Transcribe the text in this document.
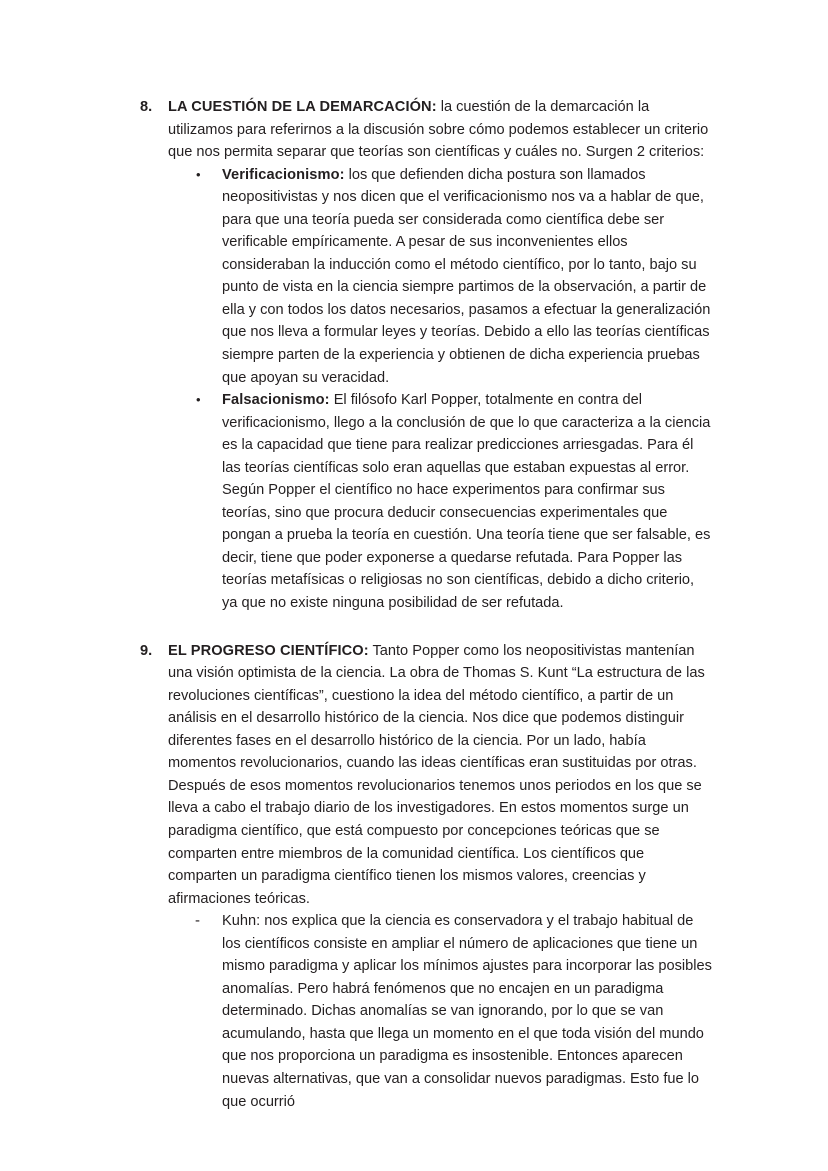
8. LA CUESTIÓN DE LA DEMARCACIÓN: la cuestión de la demarcación la utilizamos para referirnos a la discusión sobre cómo podemos establecer un criterio que nos permita separar que teorías son científicas y cuáles no. Surgen 2 criterios:
•	Verificacionismo: los que defienden dicha postura son llamados neopositivistas y nos dicen que el verificacionismo nos va a hablar de que, para que una teoría pueda ser considerada como científica debe ser verificable empíricamente. A pesar de sus inconvenientes ellos consideraban la inducción como el método científico, por lo tanto, bajo su punto de vista en la ciencia siempre partimos de la observación, a partir de ella y con todos los datos necesarios, pasamos a efectuar la generalización que nos lleva a formular leyes y teorías. Debido a ello las teorías científicas siempre parten de la experiencia y obtienen de dicha experiencia pruebas que apoyan su veracidad.
•	Falsacionismo: El filósofo Karl Popper, totalmente en contra del verificacionismo, llego a la conclusión de que lo que caracteriza a la ciencia es la capacidad que tiene para realizar predicciones arriesgadas. Para él las teorías científicas solo eran aquellas que estaban expuestas al error. Según Popper el científico no hace experimentos para confirmar sus teorías, sino que procura deducir consecuencias experimentales que pongan a prueba la teoría en cuestión. Una teoría tiene que ser falsable, es decir, tiene que poder exponerse a quedarse refutada. Para Popper las teorías metafísicas o religiosas no son científicas, debido a dicho criterio, ya que no existe ninguna posibilidad de ser refutada.
9. EL PROGRESO CIENTÍFICO: Tanto Popper como los neopositivistas mantenían una visión optimista de la ciencia. La obra de Thomas S. Kunt “La estructura de las revoluciones científicas”, cuestiono la idea del método científico, a partir de un análisis en el desarrollo histórico de la ciencia. Nos dice que podemos distinguir diferentes fases en el desarrollo histórico de la ciencia. Por un lado, había momentos revolucionarios, cuando las ideas científicas eran sustituidas por otras. Después de esos momentos revolucionarios tenemos unos periodos en los que se lleva a cabo el trabajo diario de los investigadores. En estos momentos surge un paradigma científico, que está compuesto por concepciones teóricas que se comparten entre miembros de la comunidad científica. Los científicos que comparten un paradigma científico tienen los mismos valores, creencias y afirmaciones teóricas.
-	Kuhn: nos explica que la ciencia es conservadora y el trabajo habitual de los científicos consiste en ampliar el número de aplicaciones que tiene un mismo paradigma y aplicar los mínimos ajustes para incorporar las posibles anomalías. Pero habrá fenómenos que no encajen en un paradigma determinado. Dichas anomalías se van ignorando, por lo que se van acumulando, hasta que llega un momento en el que toda visión del mundo que nos proporciona un paradigma es insostenible. Entonces aparecen nuevas alternativas, que van a consolidar nuevos paradigmas. Esto fue lo que ocurrió
